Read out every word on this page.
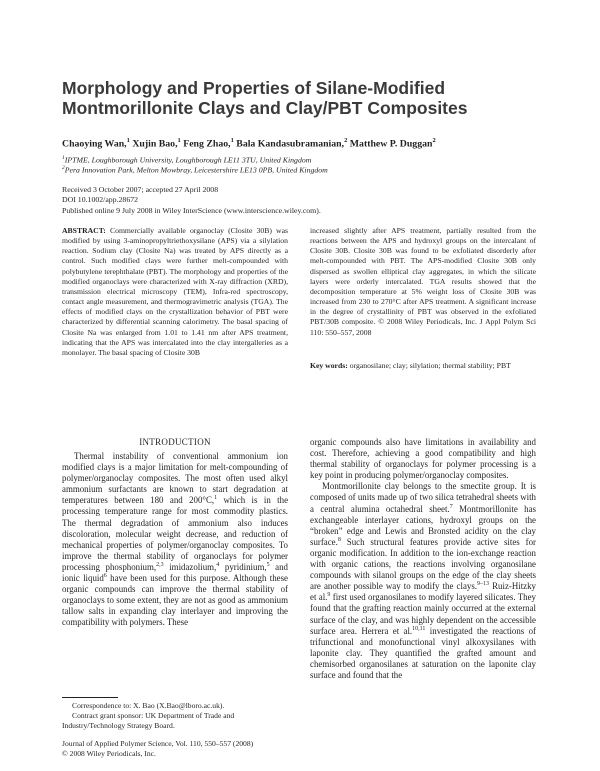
Morphology and Properties of Silane-Modified
Montmorillonite Clays and Clay/PBT Composites
Chaoying Wan,$^1$ Xujin Bao,$^1$ Feng Zhao,$^1$ Bala Kandasubramanian,$^2$ Matthew P. Duggan$^2$
$^1$IPTME, Loughborough University, Loughborough LE11 3TU, United Kingdom
$^2$Pera Innovation Park, Melton Mowbray, Leicestershire LE13 0PB, United Kingdom
Received 3 October 2007; accepted 27 April 2008
DOI 10.1002/app.28672
Published online 9 July 2008 in Wiley InterScience (www.interscience.wiley.com).
ABSTRACT: Commercially available organoclay (Closite 30B) was modified by using 3-aminopropyltriethoxysilane (APS) via a silylation reaction. Sodium clay (Closite Na) was treated by APS directly as a control. Such modified clays were further melt-compounded with polybutylene terephthalate (PBT). The morphology and properties of the modified organoclays were characterized with X-ray diffraction (XRD), transmission electrical microscopy (TEM), Infra-red spectroscopy, contact angle measurement, and thermogravimetric analysis (TGA). The effects of modified clays on the crystallization behavior of PBT were characterized by differential scanning calorimetry. The basal spacing of Closite Na was enlarged from 1.01 to 1.41 nm after APS treatment, indicating that the APS was intercalated into the clay intergalleries as a monolayer. The basal spacing of Closite 30B
increased slightly after APS treatment, partially resulted from the reactions between the APS and hydroxyl groups on the intercalant of Closite 30B. Closite 30B was found to be exfoliated disorderly after melt-compounded with PBT. The APS-modified Closite 30B only dispersed as swollen elliptical clay aggregates, in which the silicate layers were orderly intercalated. TGA results showed that the decomposition temperature at 5% weight loss of Closite 30B was increased from 230 to 270°C after APS treatment. A significant increase in the degree of crystallinity of PBT was observed in the exfoliated PBT/30B composite. © 2008 Wiley Periodicals, Inc. J Appl Polym Sci 110: 550–557, 2008
Key words: organosilane; clay; silylation; thermal stability; PBT
INTRODUCTION

Thermal instability of conventional ammonium ion modified clays is a major limitation for melt-compounding of polymer/organoclay composites. The most often used alkyl ammonium surfactants are known to start degradation at temperatures between 180 and 200°C,$^1$ which is in the processing temperature range for most commodity plastics. The thermal degradation of ammonium also induces discoloration, molecular weight decrease, and reduction of mechanical properties of polymer/organoclay composites. To improve the thermal stability of organoclays for polymer processing phosphonium,$^{2,3}$ imidazolium,$^4$ pyridinium,$^5$ and ionic liquid$^6$ have been used for this purpose. Although these organic compounds can improve the thermal stability of organoclays to some extent, they are not as good as ammonium tallow salts in expanding clay interlayer and improving the compatibility with polymers. These

organic compounds also have limitations in availability and cost. Therefore, achieving a good compatibility and high thermal stability of organoclays for polymer processing is a key point in producing polymer/organoclay composites.

Montmorillonite clay belongs to the smectite group. It is composed of units made up of two silica tetrahedral sheets with a central alumina octahedral sheet.$^7$ Montmorillonite has exchangeable interlayer cations, hydroxyl groups on the “broken” edge and Lewis and Bronsted acidity on the clay surface.$^8$ Such structural features provide active sites for organic modification. In addition to the ion-exchange reaction with organic cations, the reactions involving organosilane compounds with silanol groups on the edge of the clay sheets are another possible way to modify the clays.$^{9-13}$ Ruiz-Hitzky et al.$^9$ first used organosilanes to modify layered silicates. They found that the grafting reaction mainly occurred at the external surface of the clay, and was highly dependent on the accessible surface area. Herrera et al.$^{10,11}$ investigated the reactions of trifunctional and monofunctional vinyl alkoxysilanes with laponite clay. They quantified the grafted amount and chemisorbed organosilanes at saturation on the laponite clay surface and found that the

Correspondence to: X. Bao (X.Bao@lboro.ac.uk).
Contract grant sponsor: UK Department of Trade and Industry/Technology Strategy Board.
Journal of Applied Polymer Science, Vol. 110, 550–557 (2008)
© 2008 Wiley Periodicals, Inc.
